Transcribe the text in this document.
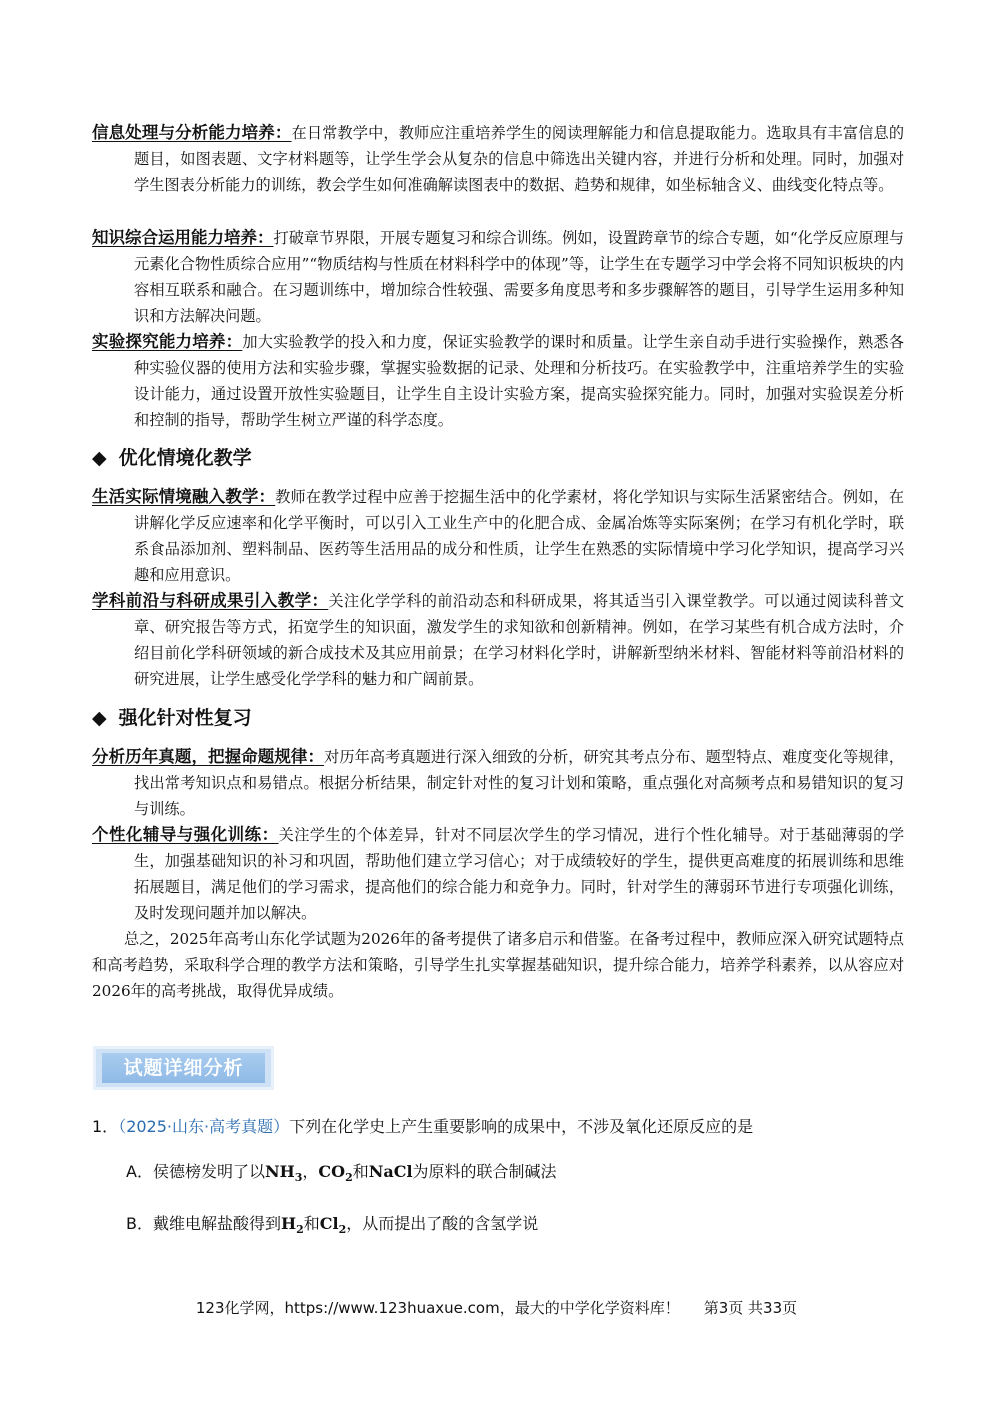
信息处理与分析能力培养：在日常教学中，教师应注重培养学生的阅读理解能力和信息提取能力。选取具有丰富信息的题目，如图表题、文字材料题等，让学生学会从复杂的信息中筛选出关键内容，并进行分析和处理。同时，加强对学生图表分析能力的训练，教会学生如何准确解读图表中的数据、趋势和规律，如坐标轴含义、曲线变化特点等。

知识综合运用能力培养：打破章节界限，开展专题复习和综合训练。例如，设置跨章节的综合专题，如“化学反应原理与元素化合物性质综合应用”“物质结构与性质在材料科学中的体现”等，让学生在专题学习中学会将不同知识板块的内容相互联系和融合。在习题训练中，增加综合性较强、需要多角度思考和多步骤解答的题目，引导学生运用多种知识和方法解决问题。

实验探究能力培养：加大实验教学的投入和力度，保证实验教学的课时和质量。让学生亲自动手进行实验操作，熟悉各种实验仪器的使用方法和实验步骤，掌握实验数据的记录、处理和分析技巧。在实验教学中，注重培养学生的实验设计能力，通过设置开放性实验题目，让学生自主设计实验方案，提高实验探究能力。同时，加强对实验误差分析和控制的指导，帮助学生树立严谨的科学态度。

◆ 优化情境化教学

生活实际情境融入教学：教师在教学过程中应善于挖掘生活中的化学素材，将化学知识与实际生活紧密结合。例如，在讲解化学反应速率和化学平衡时，可以引入工业生产中的化肥合成、金属冶炼等实际案例；在学习有机化学时，联系食品添加剂、塑料制品、医药等生活用品的成分和性质，让学生在熟悉的实际情境中学习化学知识，提高学习兴趣和应用意识。

学科前沿与科研成果引入教学：关注化学学科的前沿动态和科研成果，将其适当引入课堂教学。可以通过阅读科普文章、研究报告等方式，拓宽学生的知识面，激发学生的求知欲和创新精神。例如，在学习某些有机合成方法时，介绍目前化学科研领域的新合成技术及其应用前景；在学习材料化学时，讲解新型纳米材料、智能材料等前沿材料的研究进展，让学生感受化学学科的魅力和广阔前景。

◆ 强化针对性复习

分析历年真题，把握命题规律：对历年高考真题进行深入细致的分析，研究其考点分布、题型特点、难度变化等规律，找出常考知识点和易错点。根据分析结果，制定针对性的复习计划和策略，重点强化对高频考点和易错知识的复习与训练。

个性化辅导与强化训练：关注学生的个体差异，针对不同层次学生的学习情况，进行个性化辅导。对于基础薄弱的学生，加强基础知识的补习和巩固，帮助他们建立学习信心；对于成绩较好的学生，提供更高难度的拓展训练和思维拓展题目，满足他们的学习需求，提高他们的综合能力和竞争力。同时，针对学生的薄弱环节进行专项强化训练，及时发现问题并加以解决。

总之，2025年高考山东化学试题为2026年的备考提供了诸多启示和借鉴。在备考过程中，教师应深入研究试题特点和高考趋势，采取科学合理的教学方法和策略，引导学生扎实掌握基础知识，提升综合能力，培养学科素养，以从容应对2026年的高考挑战，取得优异成绩。

试题详细分析

1．（2025·山东·高考真题）下列在化学史上产生重要影响的成果中，不涉及氧化还原反应的是

A．侯德榜发明了以$NH_3$，$CO_2$和NaCl为原料的联合制碱法

B．戴维电解盐酸得到$H_2$和$Cl_2$，从而提出了酸的含氢学说

123化学网，https://www.123huaxue.com，最大的中学化学资料库！ 第3页 共33页
